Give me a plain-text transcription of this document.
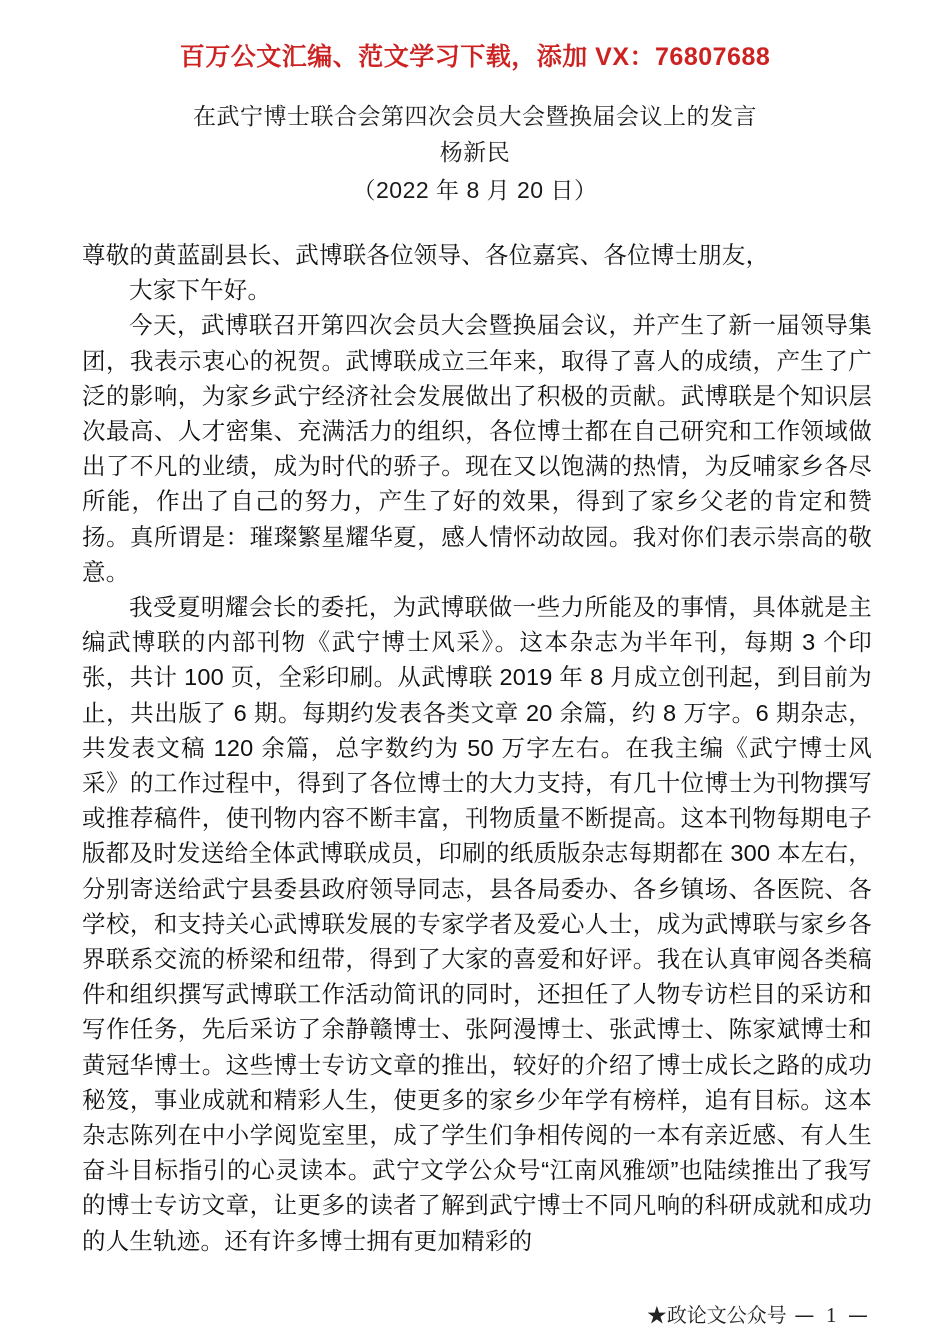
百万公文汇编、范文学习下载，添加 VX：76807688
在武宁博士联合会第四次会员大会暨换届会议上的发言
杨新民
（2022 年 8 月 20 日）

尊敬的黄蓝副县长、武博联各位领导、各位嘉宾、各位博士朋友，

大家下午好。

今天，武博联召开第四次会员大会暨换届会议，并产生了新一届领导集团，我表示衷心的祝贺。武博联成立三年来，取得了喜人的成绩，产生了广泛的影响，为家乡武宁经济社会发展做出了积极的贡献。武博联是个知识层次最高、人才密集、充满活力的组织，各位博士都在自己研究和工作领域做出了不凡的业绩，成为时代的骄子。现在又以饱满的热情，为反哺家乡各尽所能，作出了自己的努力，产生了好的效果，得到了家乡父老的肯定和赞扬。真所谓是：璀璨繁星耀华夏，感人情怀动故园。我对你们表示崇高的敬意。

我受夏明耀会长的委托，为武博联做一些力所能及的事情，具体就是主编武博联的内部刊物《武宁博士风采》。这本杂志为半年刊，每期 3 个印张，共计 100 页，全彩印刷。从武博联 2019 年 8 月成立创刊起，到目前为止，共出版了 6 期。每期约发表各类文章 20 余篇，约 8 万字。6 期杂志，共发表文稿 120 余篇，总字数约为 50 万字左右。在我主编《武宁博士风采》的工作过程中，得到了各位博士的大力支持，有几十位博士为刊物撰写或推荐稿件，使刊物内容不断丰富，刊物质量不断提高。这本刊物每期电子版都及时发送给全体武博联成员，印刷的纸质版杂志每期都在 300 本左右，分别寄送给武宁县委县政府领导同志，县各局委办、各乡镇场、各医院、各学校，和支持关心武博联发展的专家学者及爱心人士，成为武博联与家乡各界联系交流的桥梁和纽带，得到了大家的喜爱和好评。我在认真审阅各类稿件和组织撰写武博联工作活动简讯的同时，还担任了人物专访栏目的采访和写作任务，先后采访了余静赣博士、张阿漫博士、张武博士、陈家斌博士和黄冠华博士。这些博士专访文章的推出，较好的介绍了博士成长之路的成功秘笈，事业成就和精彩人生，使更多的家乡少年学有榜样，追有目标。这本杂志陈列在中小学阅览室里，成了学生们争相传阅的一本有亲近感、有人生奋斗目标指引的心灵读本。武宁文学公众号“江南风雅颂”也陆续推出了我写的博士专访文章，让更多的读者了解到武宁博士不同凡响的科研成就和成功的人生轨迹。还有许多博士拥有更加精彩的

★政论文公众号 — 1 —
